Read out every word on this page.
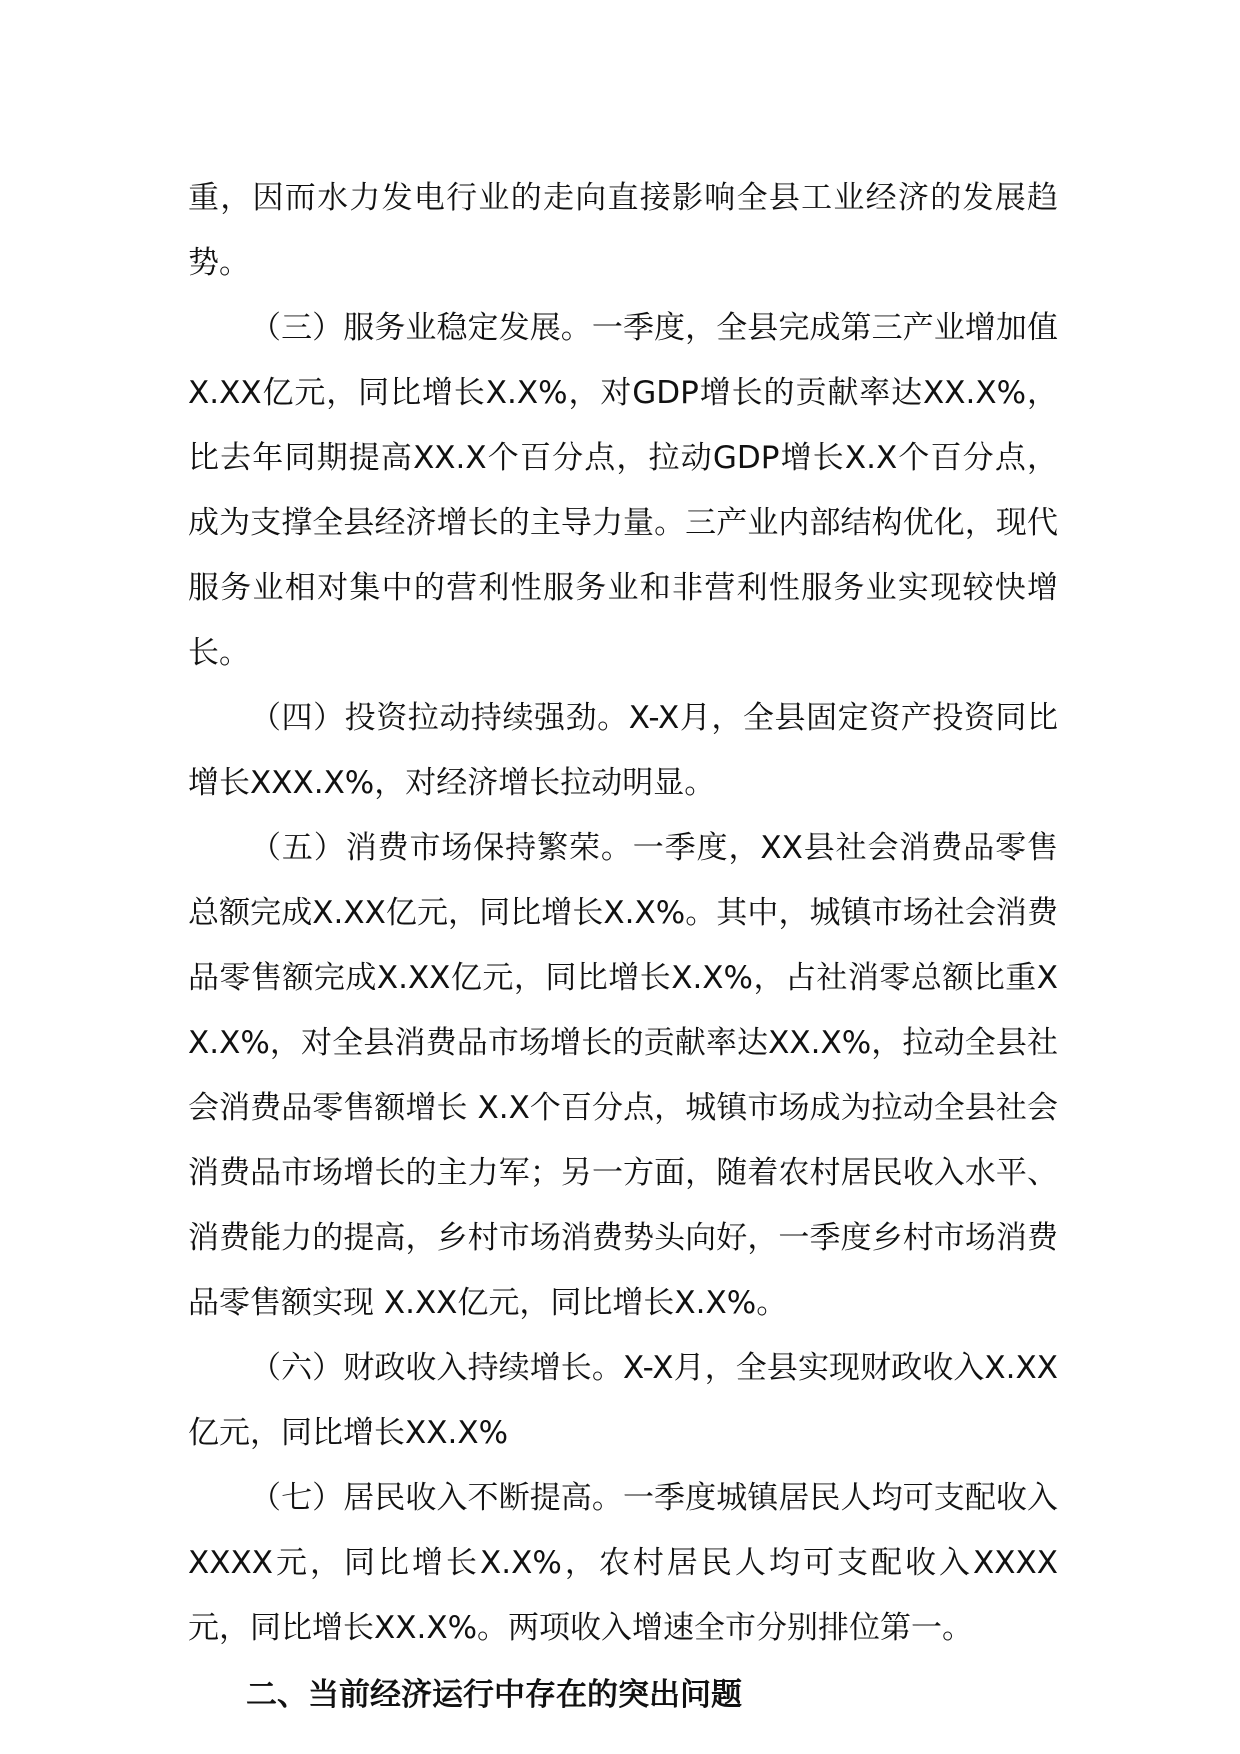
重，因而水力发电行业的走向直接影响全县工业经济的发展趋势。

（三）服务业稳定发展。一季度，全县完成第三产业增加值X.XX亿元，同比增长X.X%，对GDP增长的贡献率达XX.X%，比去年同期提高XX.X个百分点，拉动GDP增长X.X个百分点，成为支撑全县经济增长的主导力量。三产业内部结构优化，现代服务业相对集中的营利性服务业和非营利性服务业实现较快增长。

（四）投资拉动持续强劲。X-X月，全县固定资产投资同比增长XXX.X%，对经济增长拉动明显。

（五）消费市场保持繁荣。一季度，XX县社会消费品零售总额完成X.XX亿元，同比增长X.X%。其中，城镇市场社会消费品零售额完成X.XX亿元，同比增长X.X%，占社消零总额比重XX.X%，对全县消费品市场增长的贡献率达XX.X%，拉动全县社会消费品零售额增长 X.X个百分点，城镇市场成为拉动全县社会消费品市场增长的主力军；另一方面，随着农村居民收入水平、消费能力的提高，乡村市场消费势头向好，一季度乡村市场消费品零售额实现 X.XX亿元，同比增长X.X%。

（六）财政收入持续增长。X-X月，全县实现财政收入X.XX亿元，同比增长XX.X%

（七）居民收入不断提高。一季度城镇居民人均可支配收入XXXX元，同比增长X.X%，农村居民人均可支配收入XXXX元，同比增长XX.X%。两项收入增速全市分别排位第一。

二、当前经济运行中存在的突出问题
